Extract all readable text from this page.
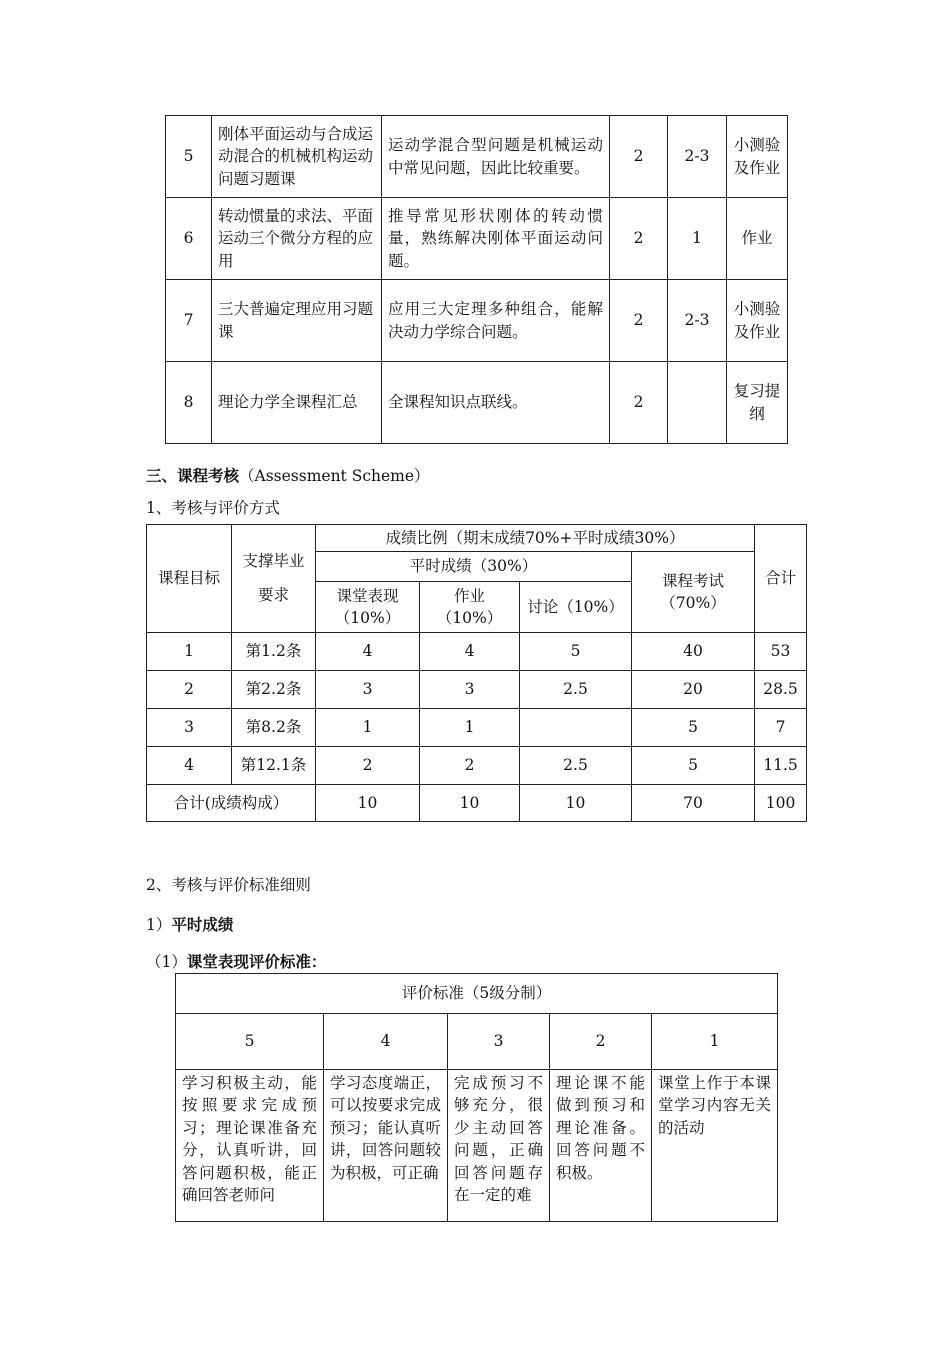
5	刚体平面运动与合成运动混合的机械机构运动问题习题课	运动学混合型问题是机械运动中常见问题，因此比较重要。	2	2-3	小测验及作业
6	转动惯量的求法、平面运动三个微分方程的应用	推导常见形状刚体的转动惯量，熟练解决刚体平面运动问题。	2	1	作业
7	三大普遍定理应用习题课	应用三大定理多种组合，能解决动力学综合问题。	2	2-3	小测验及作业
8	理论力学全课程汇总	全课程知识点联线。	2		复习提纲
三、课程考核（Assessment Scheme）
1、考核与评价方式
课程目标	支撑毕业要求	成绩比例（期末成绩70%+平时成绩30%）				合计
		平时成绩（30%）			课程考试（70%）	
		课堂表现（10%）	作业（10%）	讨论（10%）		
1	第1.2条	4	4	5	40	53
2	第2.2条	3	3	2.5	20	28.5
3	第8.2条	1	1		5	7
4	第12.1条	2	2	2.5	5	11.5
合计(成绩构成）		10	10	10	70	100
2、考核与评价标准细则
1）平时成绩
（1）课堂表现评价标准：
评价标准（5级分制）				
5	4	3	2	1
学习积极主动，能按照要求完成预习；理论课准备充分，认真听讲，回答问题积极，能正确回答老师问	学习态度端正，可以按要求完成预习；能认真听讲，回答问题较为积极，可正确	完成预习不够充分，很少主动回答问题，正确回答问题存在一定的难	理论课不能做到预习和理论准备。回答问题不积极。	课堂上作于本课堂学习内容无关的活动
